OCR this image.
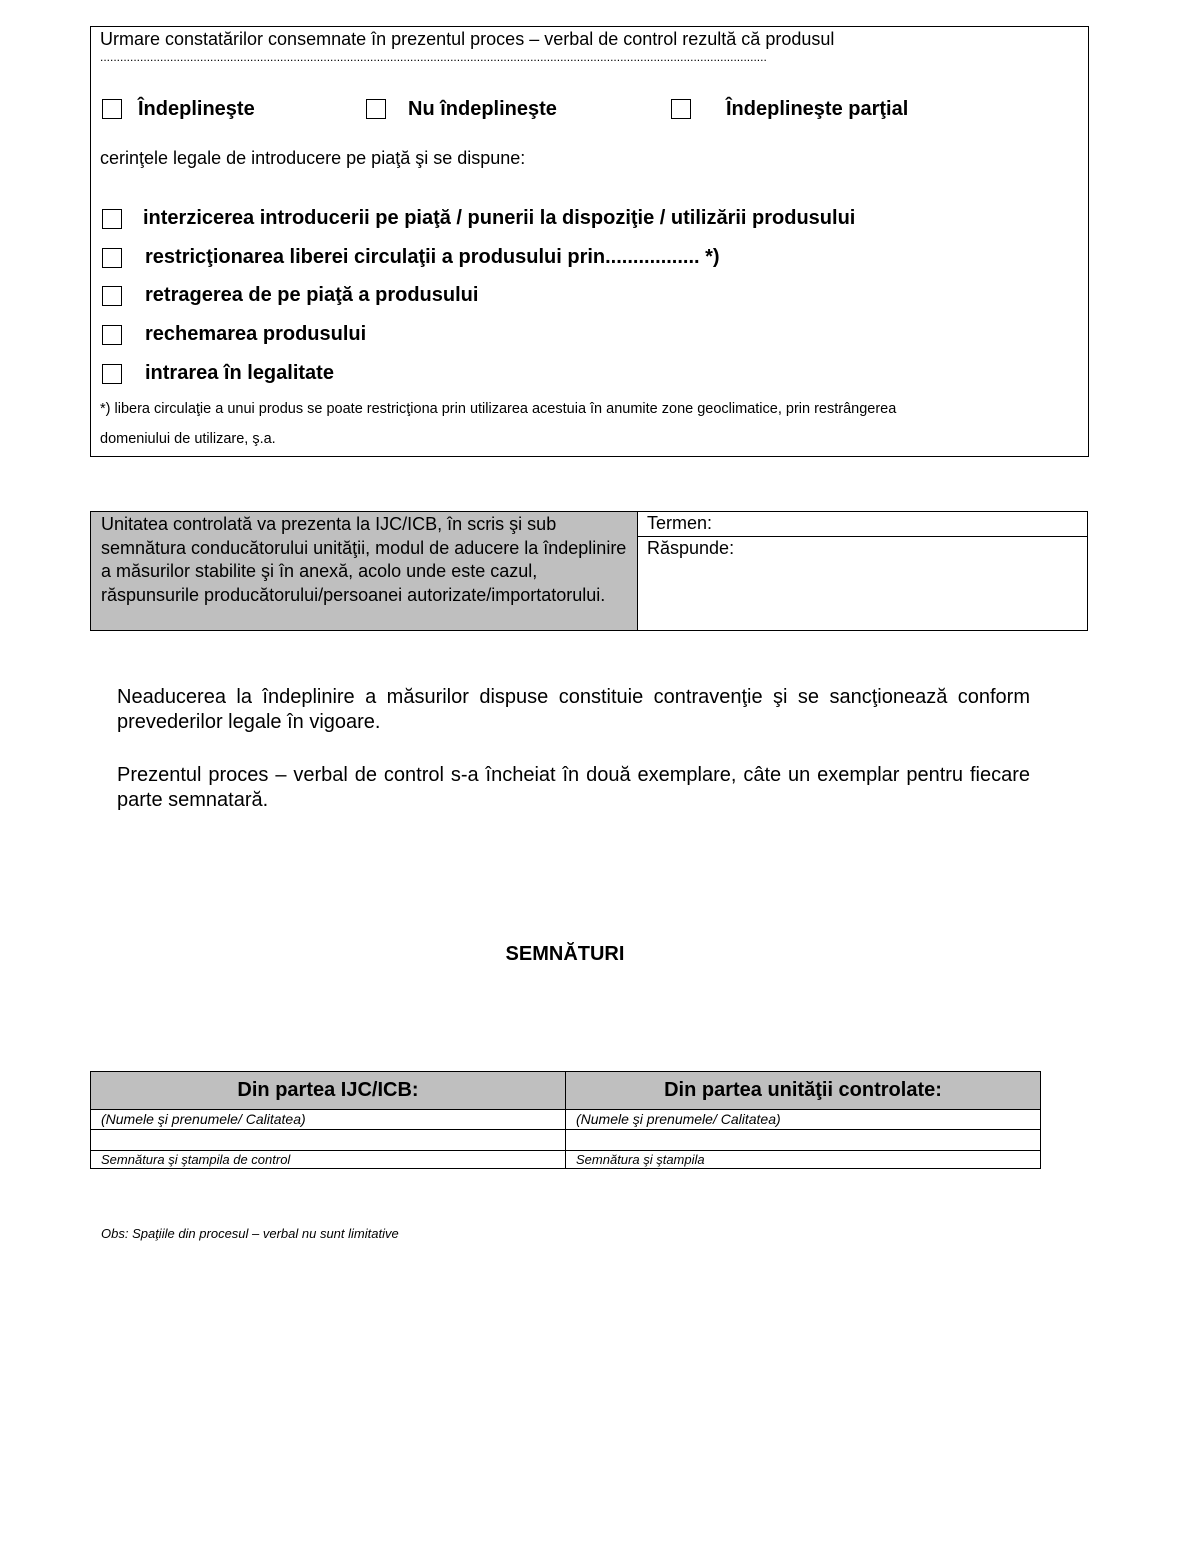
Urmare constatărilor consemnate în prezentul proces – verbal de control rezultă că produsul
........................................................................................................................................................................................................
Îndeplineşte	Nu îndeplineşte	Îndeplineşte parţial
cerinţele legale de introducere pe piaţă şi se dispune:
interzicerea introducerii pe piaţă / punerii la dispoziţie / utilizării produsului
restricţionarea liberei circulaţii a produsului prin................. *)
retragerea de pe piaţă a produsului
rechemarea produsului
intrarea în legalitate
*) libera circulaţie a unui produs se poate restricţiona prin utilizarea acestuia în anumite zone geoclimatice, prin restrângerea
domeniului de utilizare, ş.a.
Unitatea controlată va prezenta la IJC/ICB, în scris şi sub semnătura conducătorului unităţii, modul de aducere la îndeplinire a măsurilor stabilite şi în anexă, acolo unde este cazul, răspunsurile producătorului/persoanei autorizate/importatorului.	Termen:
Răspunde:
Neaducerea la îndeplinire a măsurilor dispuse constituie contravenţie şi se sancţionează conform prevederilor legale în vigoare.
Prezentul proces – verbal de control s-a încheiat în două exemplare, câte un exemplar pentru fiecare parte semnatară.
SEMNĂTURI
Din partea IJC/ICB:	Din partea unităţii controlate:
(Numele şi prenumele/ Calitatea)	(Numele şi prenumele/ Calitatea)

Semnătura şi ştampila de control	Semnătura şi ştampila
Obs: Spaţiile din procesul – verbal nu sunt limitative
